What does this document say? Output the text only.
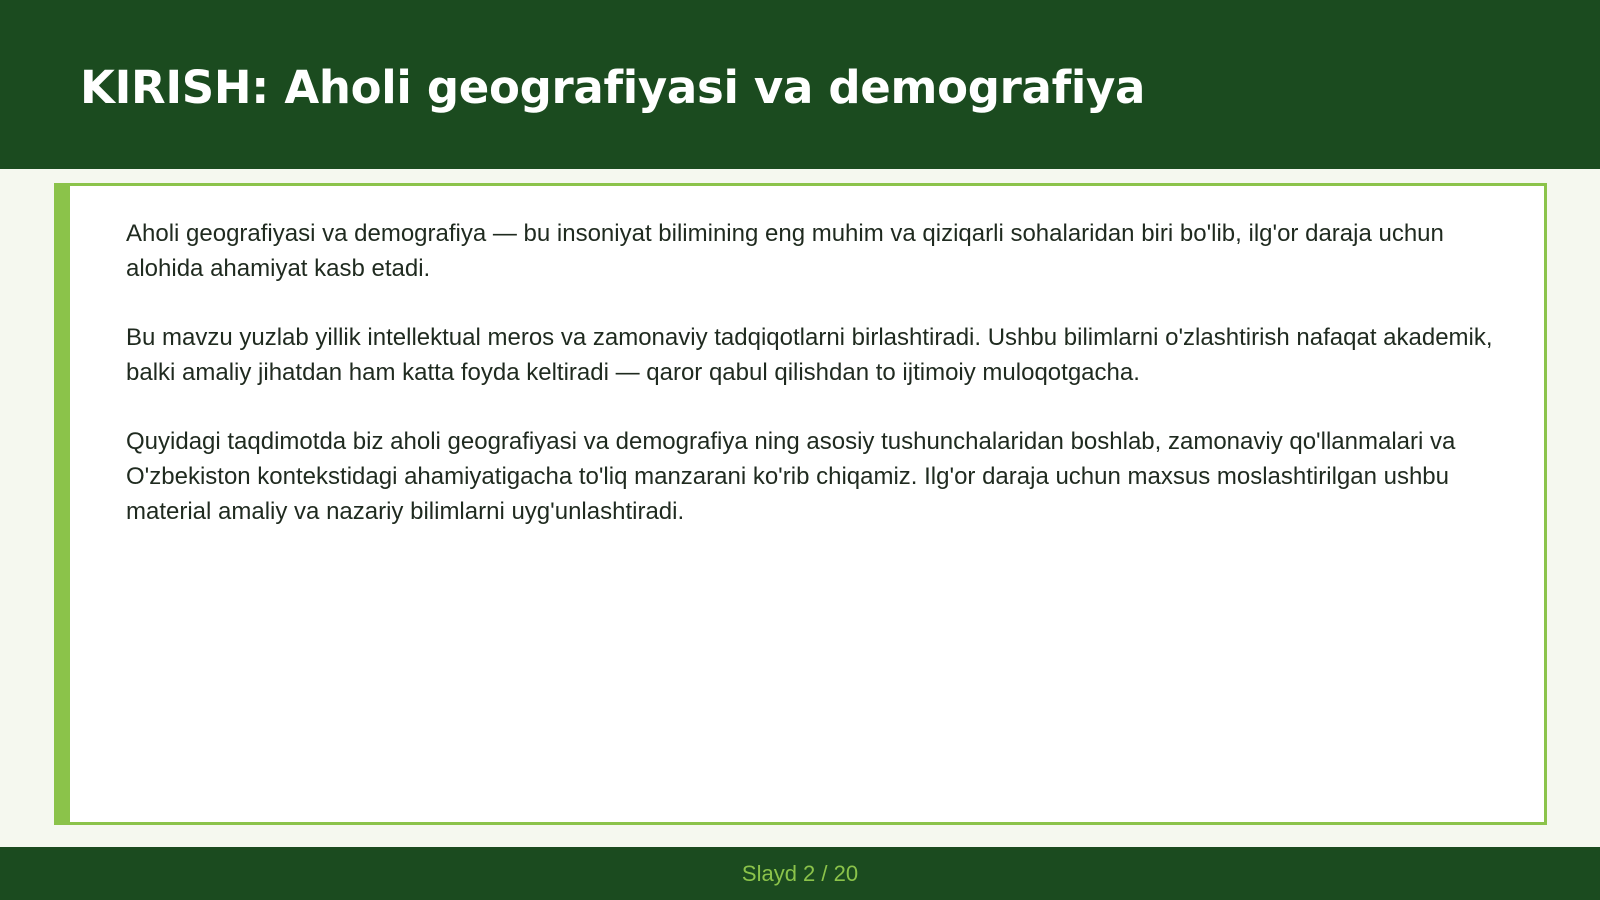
KIRISH: Aholi geografiyasi va demografiya

Aholi geografiyasi va demografiya — bu insoniyat bilimining eng muhim va qiziqarli sohalaridan biri bo'lib, ilg'or daraja uchun alohida ahamiyat kasb etadi.

Bu mavzu yuzlab yillik intellektual meros va zamonaviy tadqiqotlarni birlashtiradi. Ushbu bilimlarni o'zlashtirish nafaqat akademik, balki amaliy jihatdan ham katta foyda keltiradi — qaror qabul qilishdan to ijtimoiy muloqotgacha.

Quyidagi taqdimotda biz aholi geografiyasi va demografiya ning asosiy tushunchalaridan boshlab, zamonaviy qo'llanmalari va O'zbekiston kontekstidagi ahamiyatigacha to'liq manzarani ko'rib chiqamiz. Ilg'or daraja uchun maxsus moslashtirilgan ushbu material amaliy va nazariy bilimlarni uyg'unlashtiradi.

Slayd 2 / 20
